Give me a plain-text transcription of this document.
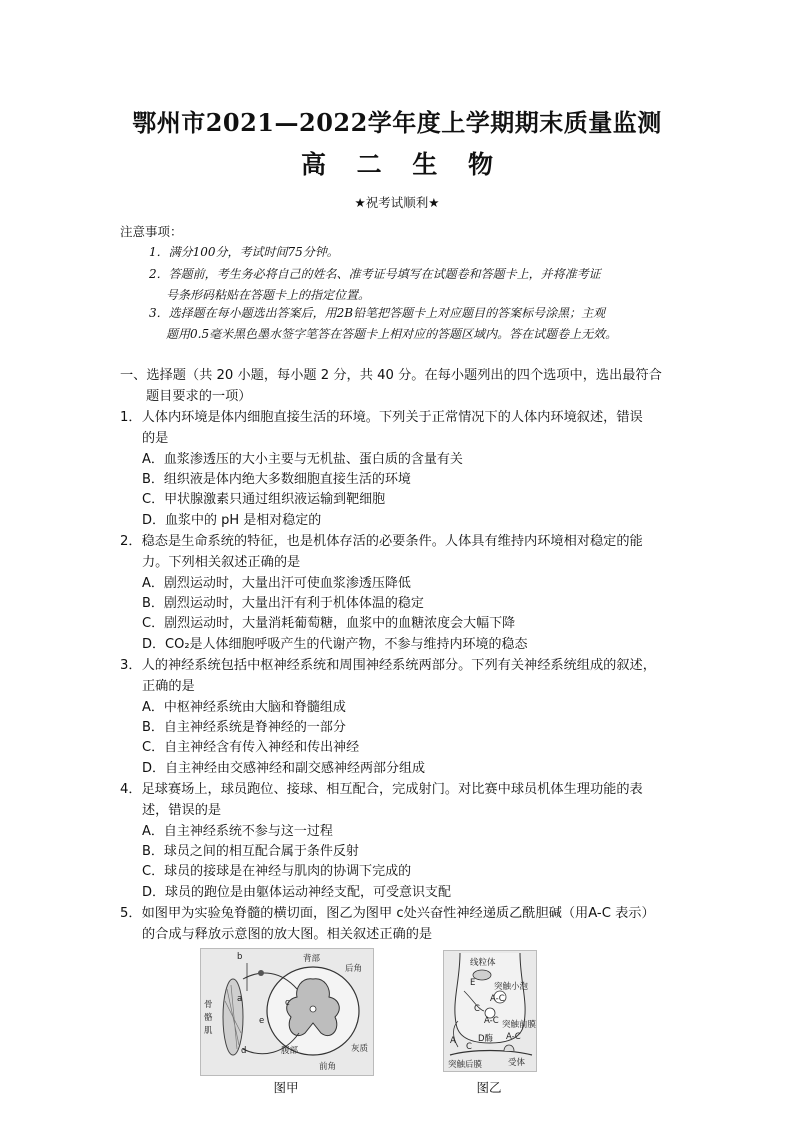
鄂州市2021—2022学年度上学期期末质量监测
高 二 生 物
★祝考试顺利★
注意事项：
1．满分100分，考试时间75分钟。
2．答题前，考生务必将自己的姓名、准考证号填写在试题卷和答题卡上，并将准考证
号条形码粘贴在答题卡上的指定位置。
3．选择题在每小题选出答案后，用2B铅笔把答题卡上对应题目的答案标号涂黑；主观
题用0.5毫米黑色墨水签字笔答在答题卡上相对应的答题区域内。答在试题卷上无效。
一、选择题（共 20 小题，每小题 2 分，共 40 分。在每小题列出的四个选项中，选出最符合
题目要求的一项）
1．人体内环境是体内细胞直接生活的环境。下列关于正常情况下的人体内环境叙述，错误
的是
A．血浆渗透压的大小主要与无机盐、蛋白质的含量有关
B．组织液是体内绝大多数细胞直接生活的环境
C．甲状腺激素只通过组织液运输到靶细胞
D．血浆中的 pH 是相对稳定的
2．稳态是生命系统的特征，也是机体存活的必要条件。人体具有维持内环境相对稳定的能
力。下列相关叙述正确的是
A．剧烈运动时，大量出汗可使血浆渗透压降低
B．剧烈运动时，大量出汗有利于机体体温的稳定
C．剧烈运动时，大量消耗葡萄糖，血浆中的血糖浓度会大幅下降
D．CO₂是人体细胞呼吸产生的代谢产物，不参与维持内环境的稳态
3．人的神经系统包括中枢神经系统和周围神经系统两部分。下列有关神经系统组成的叙述，
正确的是
A．中枢神经系统由大脑和脊髓组成
B．自主神经系统是脊神经的一部分
C．自主神经含有传入神经和传出神经
D．自主神经由交感神经和副交感神经两部分组成
4．足球赛场上，球员跑位、接球、相互配合，完成射门。对比赛中球员机体生理功能的表
述，错误的是
A．自主神经系统不参与这一过程
B．球员之间的相互配合属于条件反射
C．球员的接球是在神经与肌肉的协调下完成的
D．球员的跑位是由躯体运动神经支配，可受意识支配
5．如图甲为实验兔脊髓的横切面，图乙为图甲 c处兴奋性神经递质乙酰胆碱（用A-C 表示）
的合成与释放示意图的放大图。相关叙述正确的是
b
a
背部
后角
骨
骼
肌
c
e
d	腹部
前角
灰质
图甲
线粒体
E 突触小泡
A-C
C
A-C 突触前膜
D酶 A-C
A
C
突触后膜	受体
图乙
